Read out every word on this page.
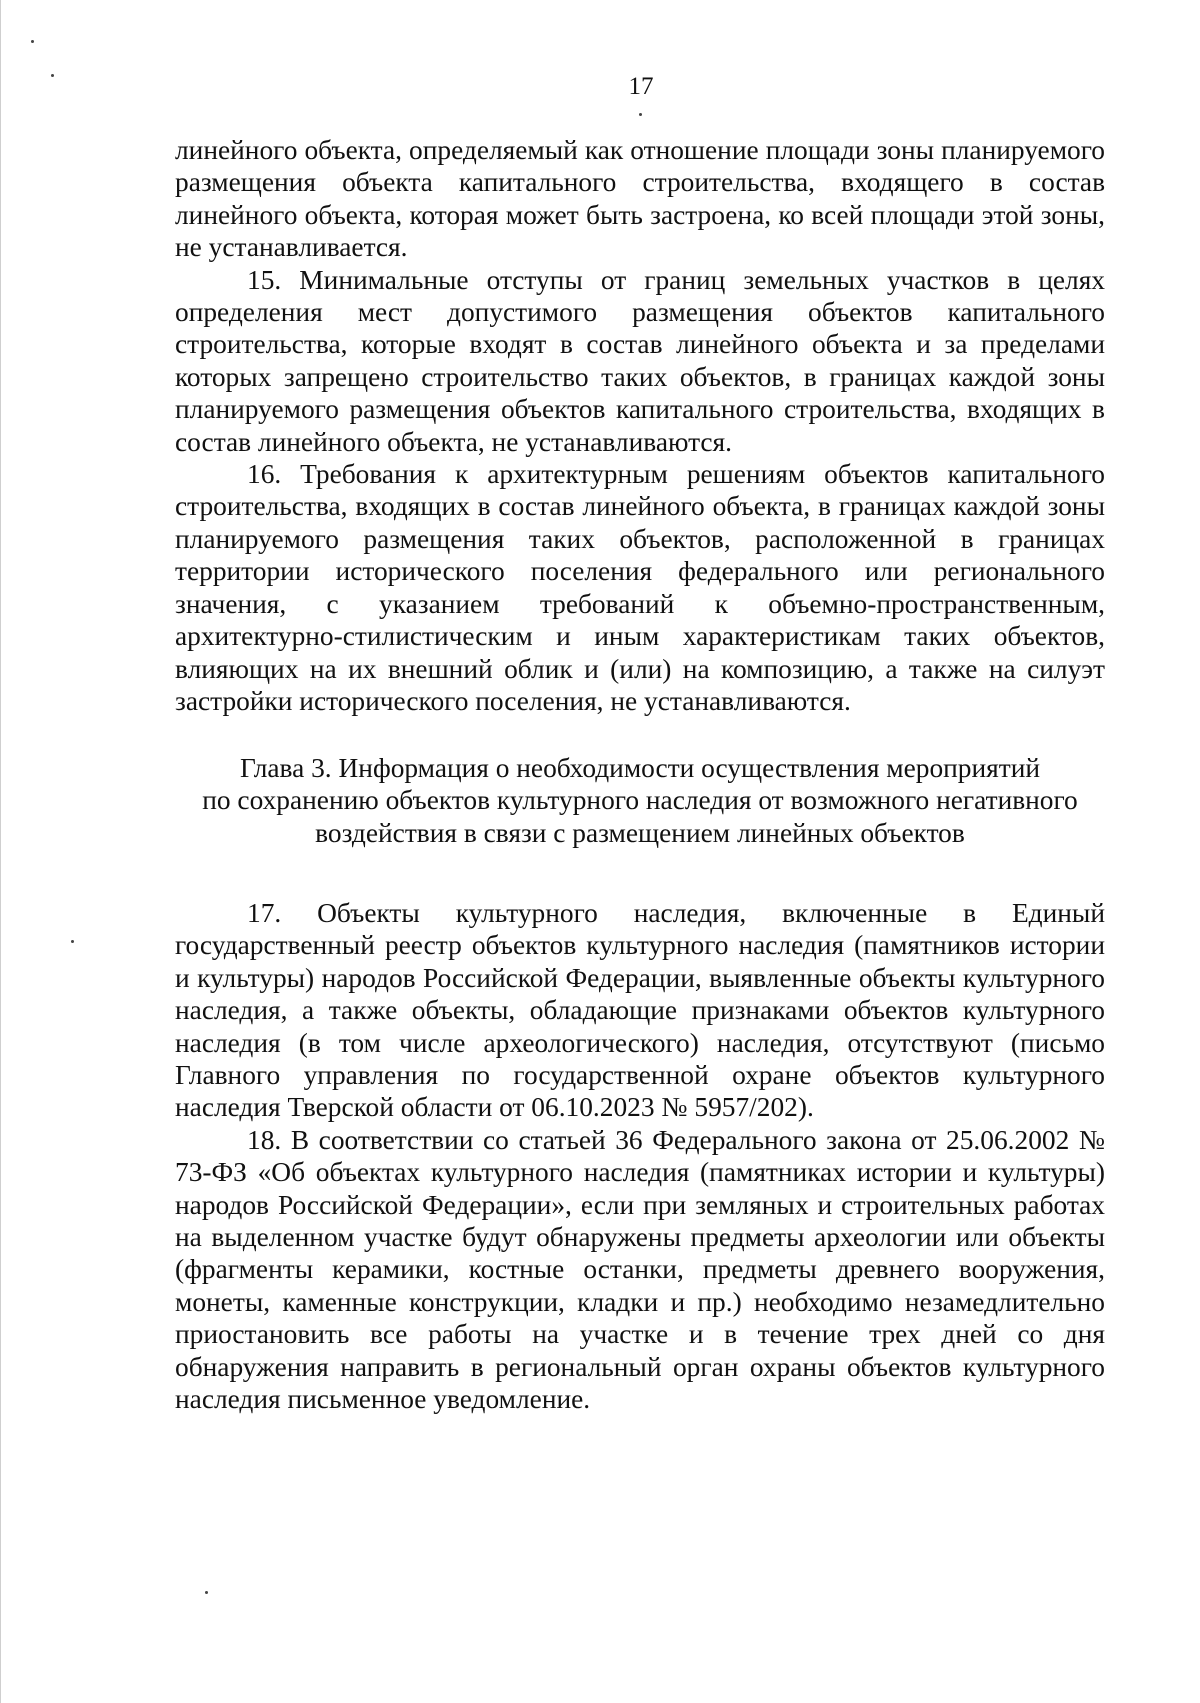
17

линейного объекта, определяемый как отношение площади зоны планируемого размещения объекта капитального строительства, входящего в состав линейного объекта, которая может быть застроена, ко всей площади этой зоны, не устанавливается.

15. Минимальные отступы от границ земельных участков в целях определения мест допустимого размещения объектов капитального строительства, которые входят в состав линейного объекта и за пределами которых запрещено строительство таких объектов, в границах каждой зоны планируемого размещения объектов капитального строительства, входящих в состав линейного объекта, не устанавливаются.

16. Требования к архитектурным решениям объектов капитального строительства, входящих в состав линейного объекта, в границах каждой зоны планируемого размещения таких объектов, расположенной в границах территории исторического поселения федерального или регионального значения, с указанием требований к объемно-пространственным, архитектурно-стилистическим и иным характеристикам таких объектов, влияющих на их внешний облик и (или) на композицию, а также на силуэт застройки исторического поселения, не устанавливаются.

Глава 3. Информация о необходимости осуществления мероприятий
по сохранению объектов культурного наследия от возможного негативного
воздействия в связи с размещением линейных объектов

17. Объекты культурного наследия, включенные в Единый государственный реестр объектов культурного наследия (памятников истории и культуры) народов Российской Федерации, выявленные объекты культурного наследия, а также объекты, обладающие признаками объектов культурного наследия (в том числе археологического) наследия, отсутствуют (письмо Главного управления по государственной охране объектов культурного наследия Тверской области от 06.10.2023 № 5957/202).

18. В соответствии со статьей 36 Федерального закона от 25.06.2002 № 73-ФЗ «Об объектах культурного наследия (памятниках истории и культуры) народов Российской Федерации», если при земляных и строительных работах на выделенном участке будут обнаружены предметы археологии или объекты (фрагменты керамики, костные останки, предметы древнего вооружения, монеты, каменные конструкции, кладки и пр.) необходимо незамедлительно приостановить все работы на участке и в течение трех дней со дня обнаружения направить в региональный орган охраны объектов культурного наследия письменное уведомление.
